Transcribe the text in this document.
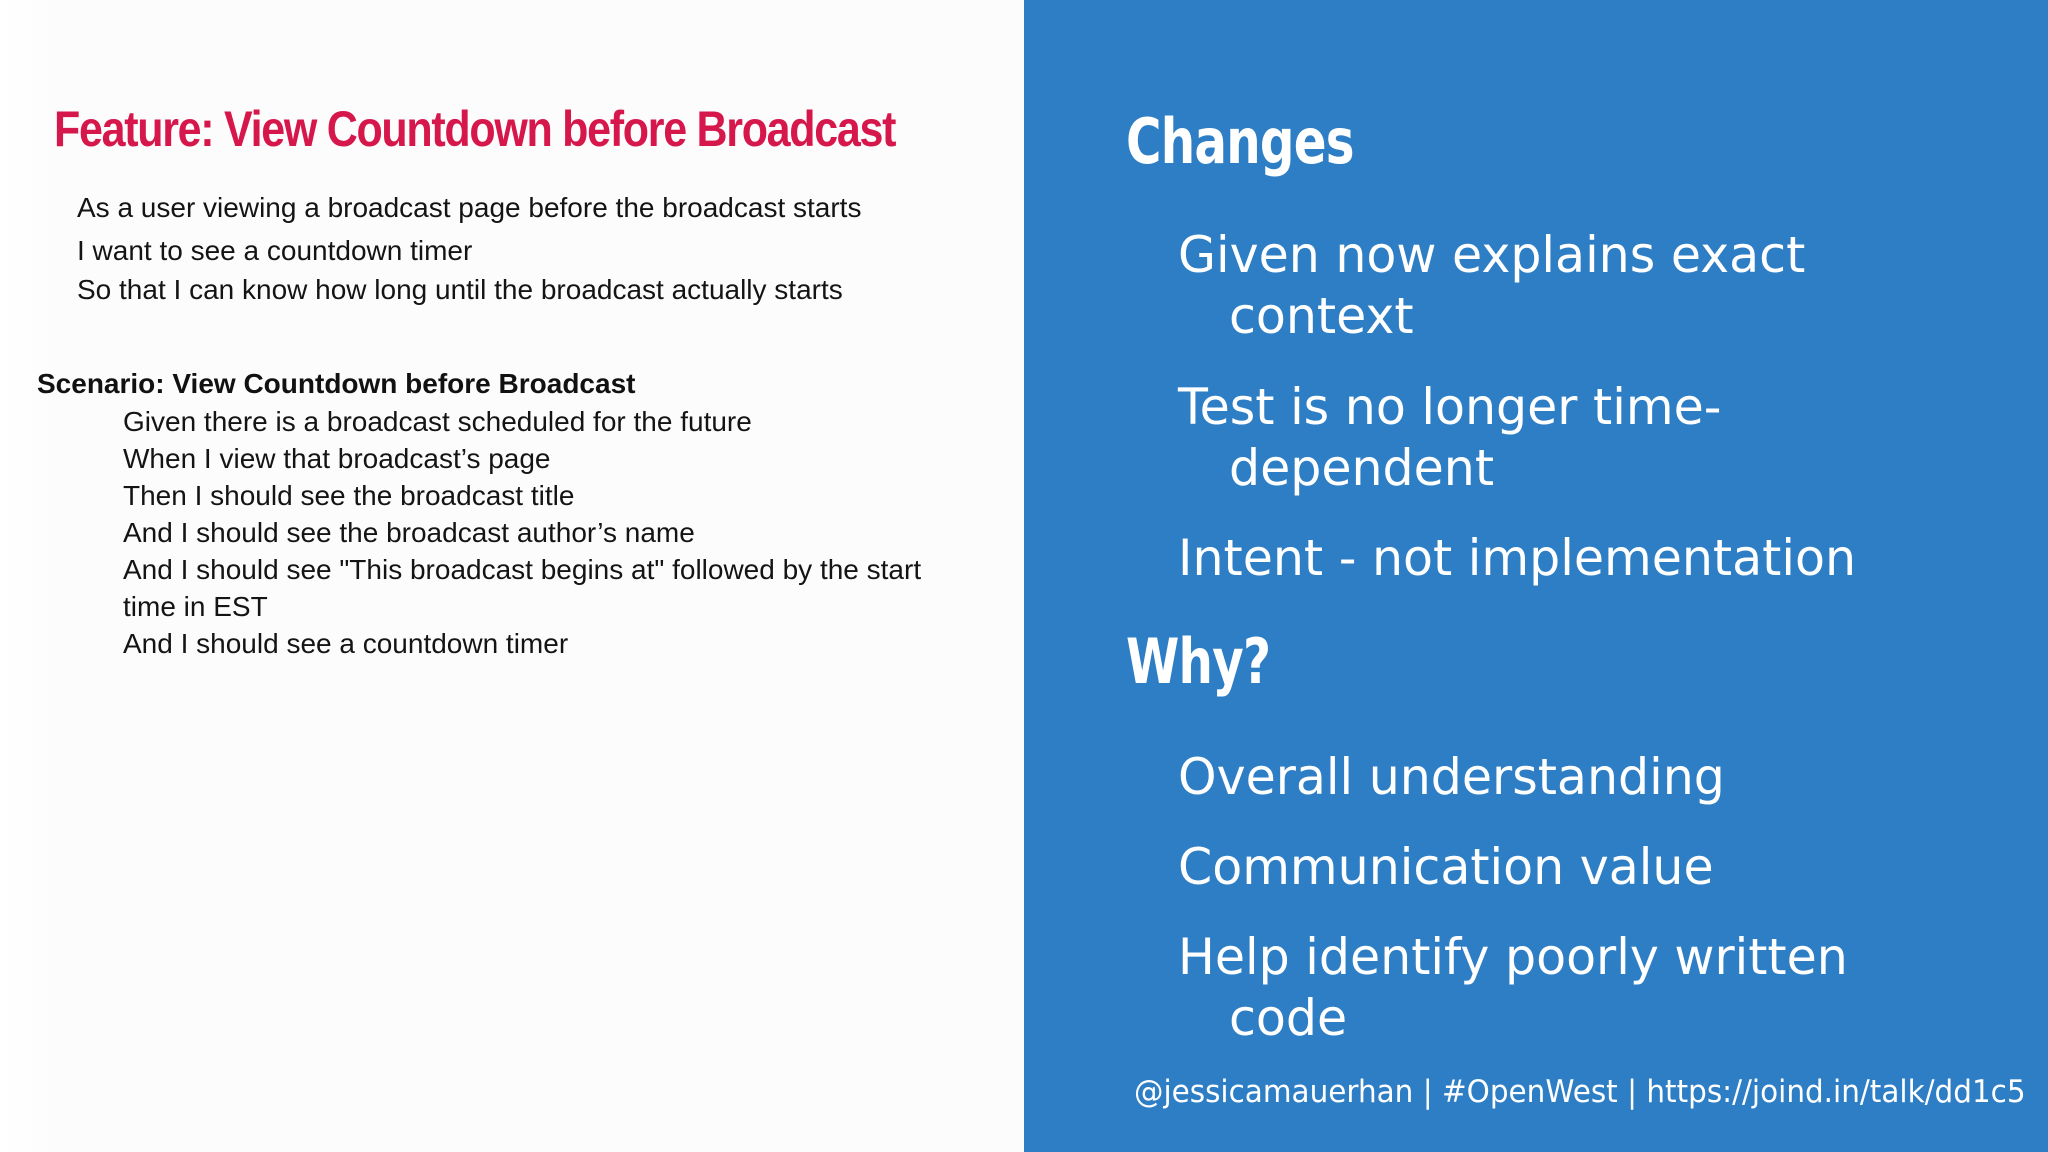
Feature: View Countdown before Broadcast

As a user viewing a broadcast page before the broadcast starts

I want to see a countdown timer

So that I can know how long until the broadcast actually starts

Scenario: View Countdown before Broadcast

Given there is a broadcast scheduled for the future

When I view that broadcast’s page

Then I should see the broadcast title

And I should see the broadcast author’s name

And I should see "This broadcast begins at" followed by the start

time in EST

And I should see a countdown timer

Changes
Given now explains exact
context
Test is no longer time-
dependent
Intent - not implementation
Why?
Overall understanding
Communication value
Help identify poorly written
code

@jessicamauerhan | #OpenWest | https://joind.in/talk/dd1c5
